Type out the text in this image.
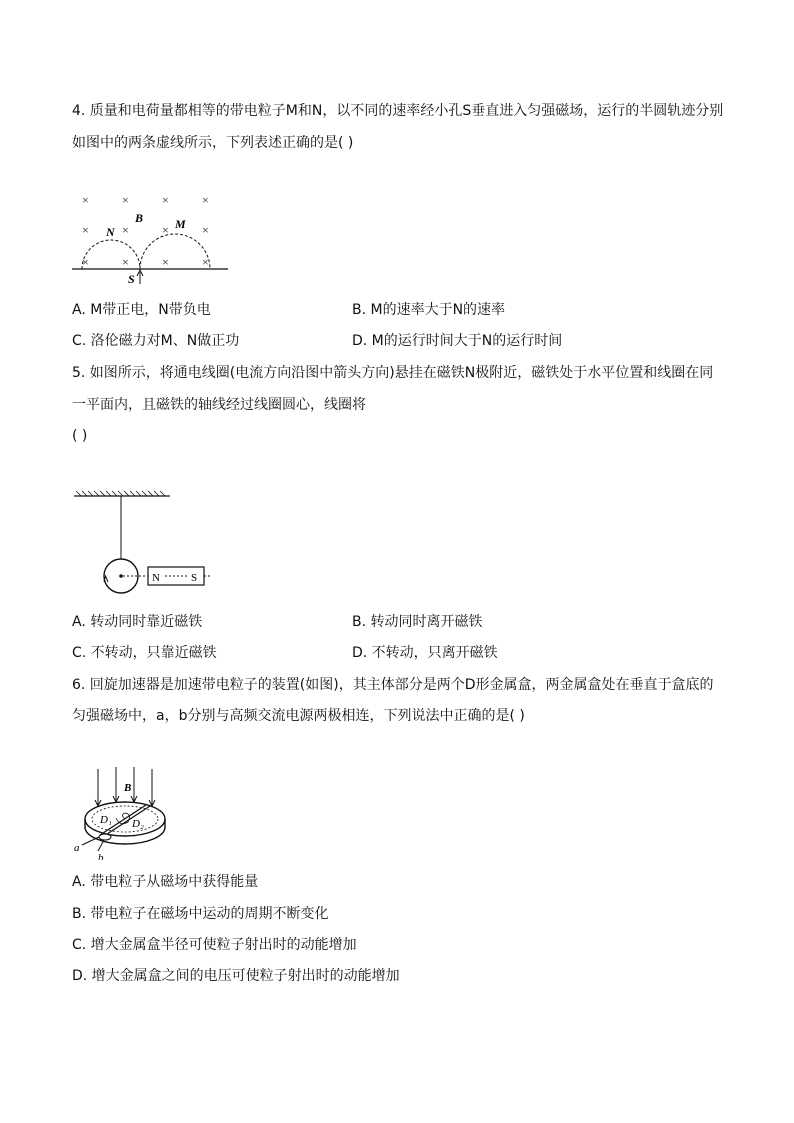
4. 质量和电荷量都相等的带电粒子M和N，以不同的速率经小孔S垂直进入匀强磁场，运行的半圆轨迹分别
如图中的两条虚线所示，下列表述正确的是( )
×	×	×	×
×	×	×	×
×	×	×	×
B	M
N
S
A. M带正电，N带负电	B. M的速率大于N的速率
C. 洛伦磁力对M、N做正功	D. M的运行时间大于N的运行时间
5. 如图所示，将通电线圈(电流方向沿图中箭头方向)悬挂在磁铁N极附近，磁铁处于水平位置和线圈在同
一平面内，且磁铁的轴线经过线圈圆心，线圈将
( )
N	S
A. 转动同时靠近磁铁	B. 转动同时离开磁铁
C. 不转动，只靠近磁铁	D. 不转动，只离开磁铁
6. 回旋加速器是加速带电粒子的装置(如图)，其主体部分是两个D形金属盒，两金属盒处在垂直于盒底的
匀强磁场中，a，b分别与高频交流电源两极相连，下列说法中正确的是( )
D₁ D₂
B
a
b
A. 带电粒子从磁场中获得能量
B. 带电粒子在磁场中运动的周期不断变化
C. 增大金属盒半径可使粒子射出时的动能增加
D. 增大金属盒之间的电压可使粒子射出时的动能增加
